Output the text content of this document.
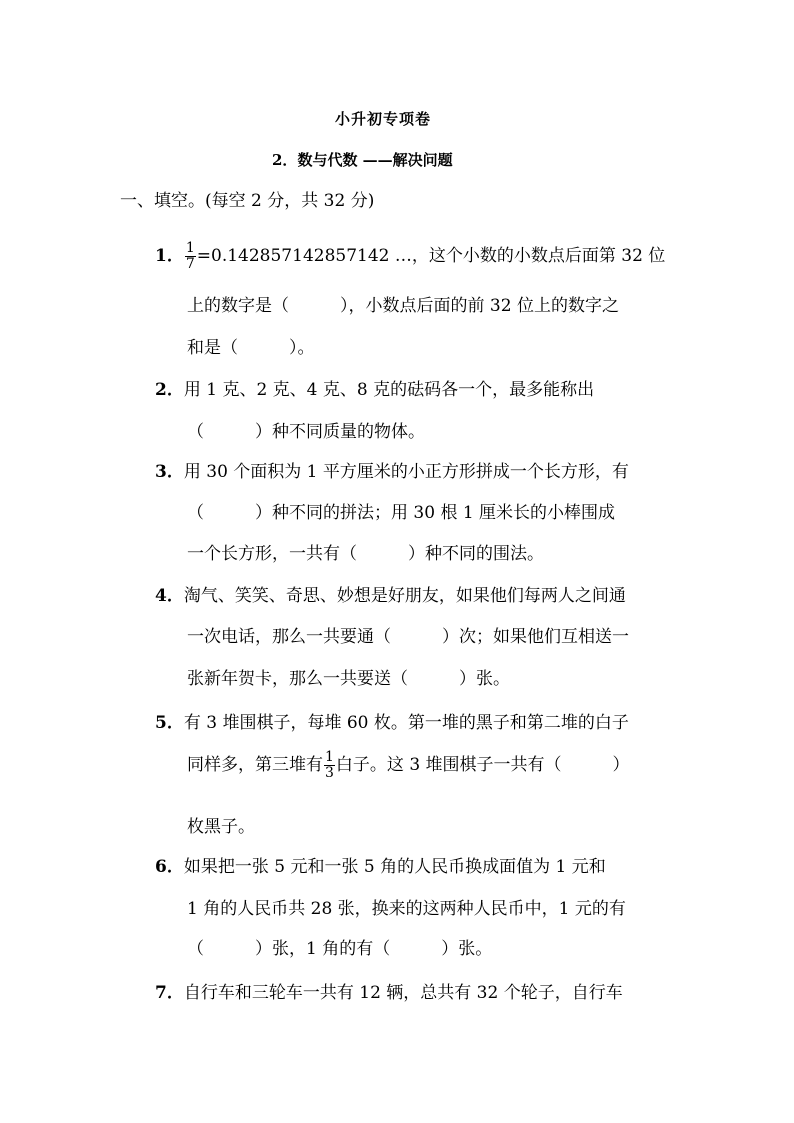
小升初专项卷
2．数与代数 ——解决问题
一、填空。(每空 2 分，共 32 分)
1． $\frac{1}{7} =0.142857142857142$ …，这个小数的小数点后面第 32 位
上的数字是（　　　），小数点后面的前 32 位上的数字之
和是（　　　）。
2．用 1 克、2 克、4 克、8 克的砝码各一个，最多能称出
（　　　）种不同质量的物体。
3．用 30 个面积为 1 平方厘米的小正方形拼成一个长方形，有
（　　　）种不同的拼法；用 30 根 1 厘米长的小棒围成
一个长方形，一共有（　　　）种不同的围法。
4．淘气、笑笑、奇思、妙想是好朋友，如果他们每两人之间通
一次电话，那么一共要通（　　　）次；如果他们互相送一
张新年贺卡，那么一共要送（　　　）张。
5．有 3 堆围棋子，每堆 60 枚。第一堆的黑子和第二堆的白子
同样多，第三堆有 $\frac{1}{3}$ 白子。这 3 堆围棋子一共有（　　　）
枚黑子。
6．如果把一张 5 元和一张 5 角的人民币换成面值为 1 元和
1 角的人民币共 28 张，换来的这两种人民币中，1 元的有
（　　　）张，1 角的有（　　　）张。
7．自行车和三轮车一共有 12 辆，总共有 32 个轮子，自行车
